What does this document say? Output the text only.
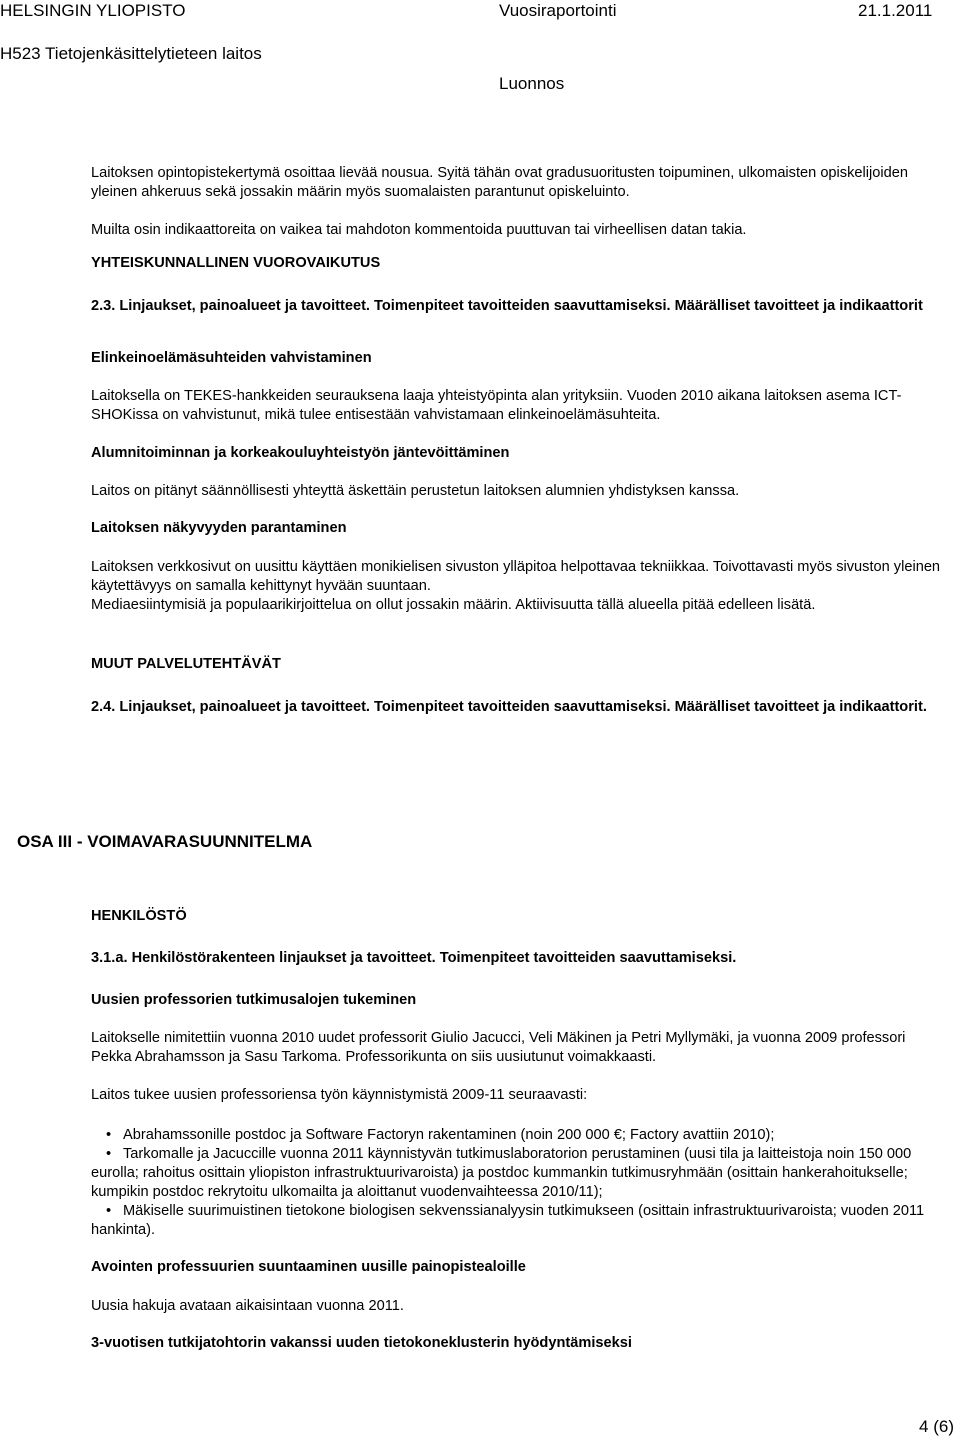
HELSINGIN YLIOPISTO	Vuosiraportointi	21.1.2011
H523 Tietojenkäsittelytieteen laitos
Luonnos

Laitoksen opintopistekertymä osoittaa lievää nousua. Syitä tähän ovat gradusuoritusten toipuminen, ulkomaisten opiskelijoiden yleinen ahkeruus sekä jossakin määrin myös suomalaisten parantunut opiskeluinto.

Muilta osin indikaattoreita on vaikea tai mahdoton kommentoida puuttuvan tai virheellisen datan takia.

YHTEISKUNNALLINEN VUOROVAIKUTUS

2.3. Linjaukset, painoalueet ja tavoitteet. Toimenpiteet tavoitteiden saavuttamiseksi. Määrälliset tavoitteet ja indikaattorit

Elinkeinoelämäsuhteiden vahvistaminen

Laitoksella on TEKES-hankkeiden seurauksena laaja yhteistyöpinta alan yrityksiin. Vuoden 2010 aikana laitoksen asema ICT-SHOKissa on vahvistunut, mikä tulee entisestään vahvistamaan elinkeinoelämäsuhteita.

Alumnitoiminnan ja korkeakouluyhteistyön jäntevöittäminen

Laitos on pitänyt säännöllisesti yhteyttä äskettäin perustetun laitoksen alumnien yhdistyksen kanssa.

Laitoksen näkyvyyden parantaminen

Laitoksen verkkosivut on uusittu käyttäen monikielisen sivuston ylläpitoa helpottavaa tekniikkaa. Toivottavasti myös sivuston yleinen käytettävyys on samalla kehittynyt hyvään suuntaan.

Mediaesiintymisiä ja populaarikirjoittelua on ollut jossakin määrin. Aktiivisuutta tällä alueella pitää edelleen lisätä.

MUUT PALVELUTEHTÄVÄT

2.4. Linjaukset, painoalueet ja tavoitteet. Toimenpiteet tavoitteiden saavuttamiseksi. Määrälliset tavoitteet ja indikaattorit.

OSA III - VOIMAVARASUUNNITELMA

HENKILÖSTÖ

3.1.a. Henkilöstörakenteen linjaukset ja tavoitteet. Toimenpiteet tavoitteiden saavuttamiseksi.

Uusien professorien tutkimusalojen tukeminen

Laitokselle nimitettiin vuonna 2010 uudet professorit Giulio Jacucci, Veli Mäkinen ja Petri Myllymäki, ja vuonna 2009 professori Pekka Abrahamsson ja Sasu Tarkoma. Professorikunta on siis uusiutunut voimakkaasti.

Laitos tukee uusien professoriensa työn käynnistymistä 2009-11 seuraavasti:

• Abrahamssonille postdoc ja Software Factoryn rakentaminen (noin 200 000 €; Factory avattiin 2010);
• Tarkomalle ja Jacuccille vuonna 2011 käynnistyvän tutkimuslaboratorion perustaminen (uusi tila ja laitteistoja noin 150 000 eurolla; rahoitus osittain yliopiston infrastruktuurivaroista) ja postdoc kummankin tutkimusryhmään (osittain hankerahoitukselle; kumpikin postdoc rekrytoitu ulkomailta ja aloittanut vuodenvaihteessa 2010/11);
• Mäkiselle suurimuistinen tietokone biologisen sekvenssianalyysin tutkimukseen (osittain infrastruktuurivaroista; vuoden 2011 hankinta).

Avointen professuurien suuntaaminen uusille painopistealoille

Uusia hakuja avataan aikaisintaan vuonna 2011.

3-vuotisen tutkijatohtorin vakanssi uuden tietokoneklusterin hyödyntämiseksi

4 (6)
